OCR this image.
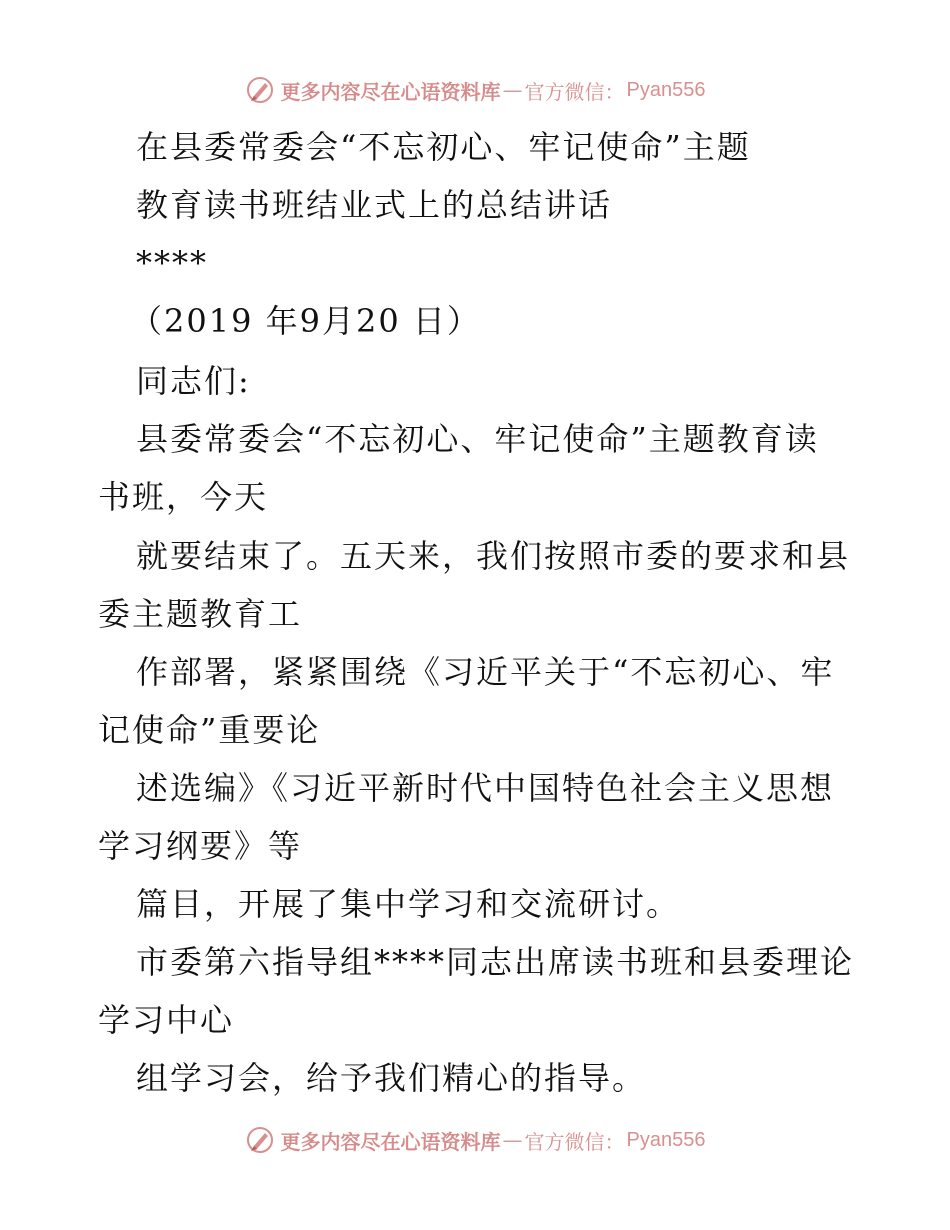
更多内容尽在心语资料库 — 官方微信： Pyan556
在县委常委会“不忘初心、牢记使命”主题
教育读书班结业式上的总结讲话
****
（2019 年9月20 日）
同志们:
县委常委会“不忘初心、牢记使命”主题教育读
书班，今天
就要结束了。五天来，我们按照市委的要求和县
委主题教育工
作部署，紧紧围绕《习近平关于“不忘初心、牢
记使命”重要论
述选编》《习近平新时代中国特色社会主义思想
学习纲要》等
篇目，开展了集中学习和交流研讨。
市委第六指导组****同志出席读书班和县委理论
学习中心
组学习会，给予我们精心的指导。
更多内容尽在心语资料库 — 官方微信： Pyan556
